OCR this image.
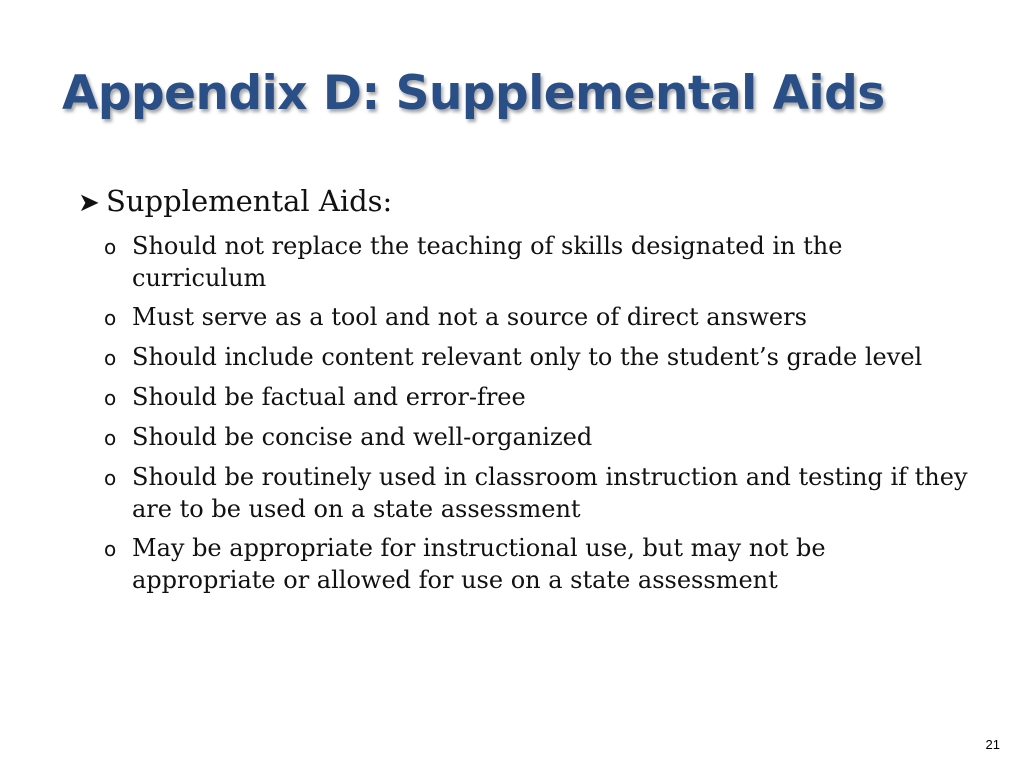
Appendix D: Supplemental Aids
➤ Supplemental Aids:
o Should not replace the teaching of skills designated in the curriculum
o Must serve as a tool and not a source of direct answers
o Should include content relevant only to the student’s grade level
o Should be factual and error-free
o Should be concise and well-organized
o Should be routinely used in classroom instruction and testing if they are to be used on a state assessment
o May be appropriate for instructional use, but may not be appropriate or allowed for use on a state assessment
21
